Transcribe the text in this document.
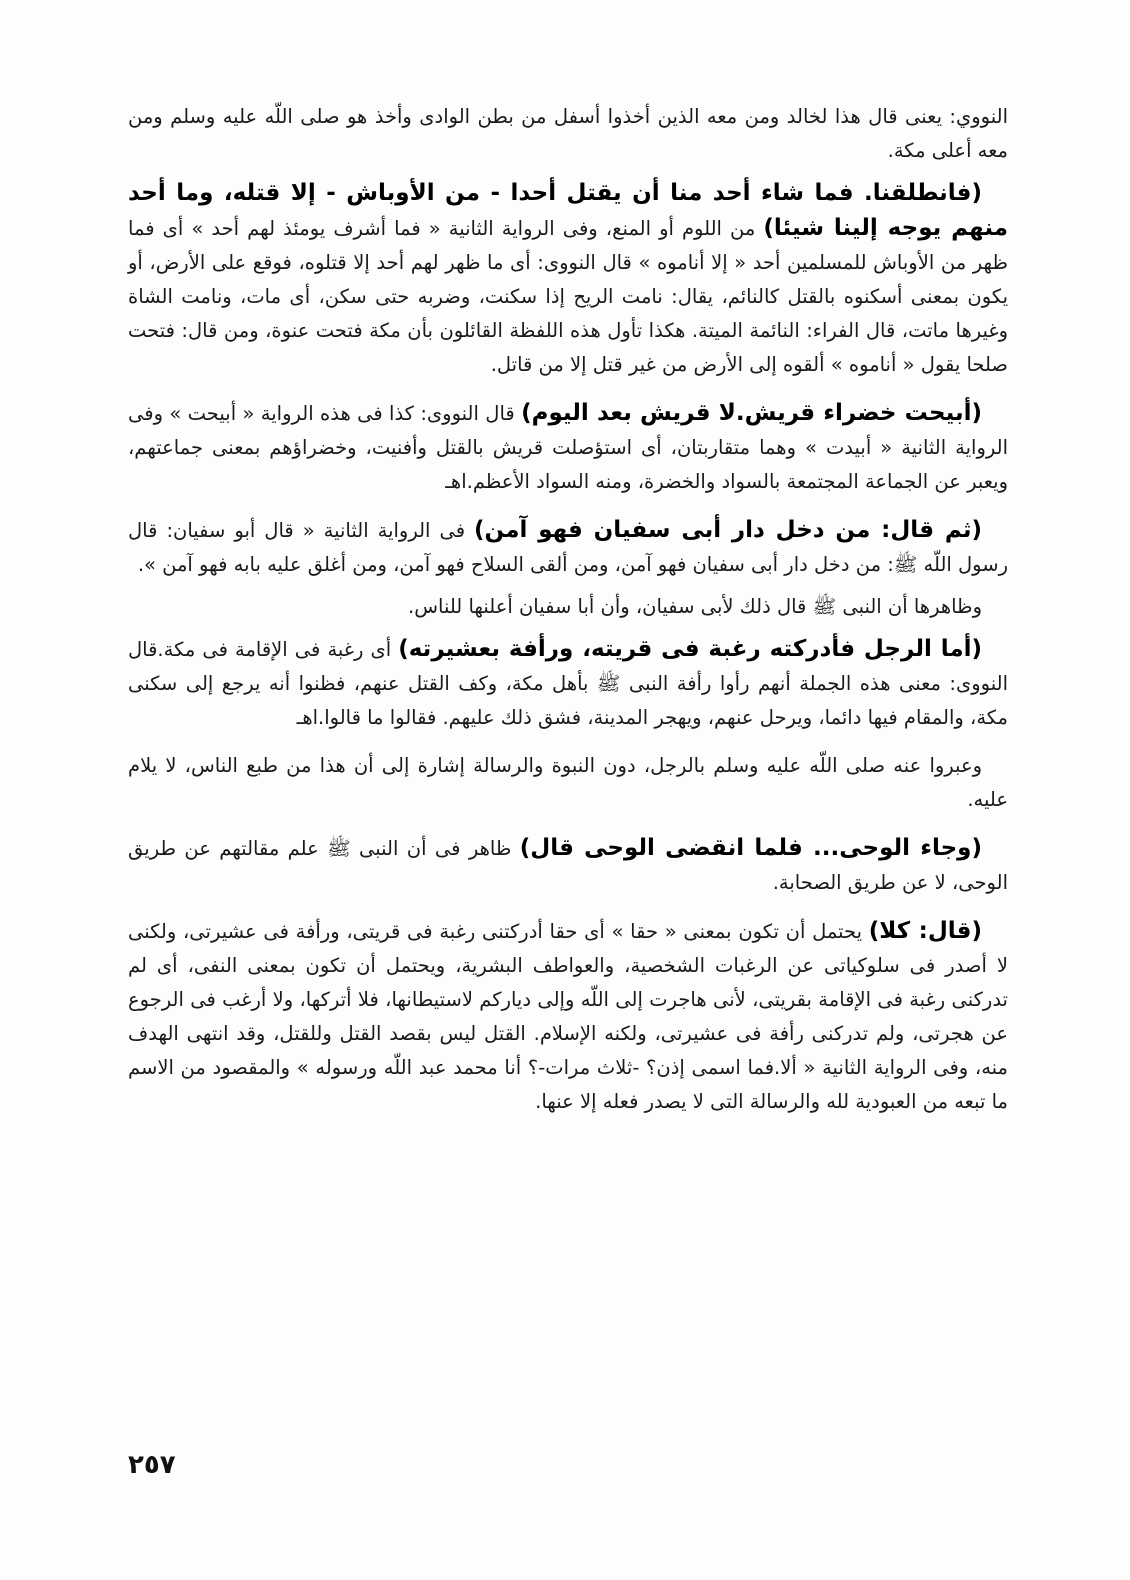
النووي: يعنى قال هذا لخالد ومن معه الذين أخذوا أسفل من بطن الوادى وأخذ هو صلى اللّه عليه وسلم ومن معه أعلى مكة.

(فانطلقنا. فما شاء أحد منا أن يقتل أحدا - من الأوباش - إلا قتله، وما أحد منهم يوجه إلينا شيئا) من اللوم أو المنع، وفى الرواية الثانية « فما أشرف يومئذ لهم أحد » أى فما ظهر من الأوباش للمسلمين أحد « إلا أناموه » قال النووى: أى ما ظهر لهم أحد إلا قتلوه، فوقع على الأرض، أو يكون بمعنى أسكنوه بالقتل كالنائم، يقال: نامت الريح إذا سكنت، وضربه حتى سكن، أى مات، ونامت الشاة وغيرها ماتت، قال الفراء: النائمة الميتة. هكذا تأول هذه اللفظة القائلون بأن مكة فتحت عنوة، ومن قال: فتحت صلحا يقول « أناموه » ألقوه إلى الأرض من غير قتل إلا من قاتل.

(أبيحت خضراء قريش.لا قريش بعد اليوم) قال النووى: كذا فى هذه الرواية « أبيحت » وفى الرواية الثانية « أبيدت » وهما متقاربتان، أى استؤصلت قريش بالقتل وأفنيت، وخضراؤهم بمعنى جماعتهم، ويعبر عن الجماعة المجتمعة بالسواد والخضرة، ومنه السواد الأعظم.اهـ

(ثم قال: من دخل دار أبى سفيان فهو آمن) فى الرواية الثانية « قال أبو سفيان: قال رسول اللّه ﷺ: من دخل دار أبى سفيان فهو آمن، ومن ألقى السلاح فهو آمن، ومن أغلق عليه بابه فهو آمن ».

وظاهرها أن النبى ﷺ قال ذلك لأبى سفيان، وأن أبا سفيان أعلنها للناس.

(أما الرجل فأدركته رغبة فى قريته، ورأفة بعشيرته) أى رغبة فى الإقامة فى مكة.قال النووى: معنى هذه الجملة أنهم رأوا رأفة النبى ﷺ بأهل مكة، وكف القتل عنهم، فظنوا أنه يرجع إلى سكنى مكة، والمقام فيها دائما، ويرحل عنهم، ويهجر المدينة، فشق ذلك عليهم. فقالوا ما قالوا.اهـ

وعبروا عنه صلى اللّه عليه وسلم بالرجل، دون النبوة والرسالة إشارة إلى أن هذا من طبع الناس، لا يلام عليه.

(وجاء الوحى... فلما انقضى الوحى قال) ظاهر فى أن النبى ﷺ علم مقالتهم عن طريق الوحى، لا عن طريق الصحابة.

(قال: كلا) يحتمل أن تكون بمعنى « حقا » أى حقا أدركتنى رغبة فى قريتى، ورأفة فى عشيرتى، ولكنى لا أصدر فى سلوكياتى عن الرغبات الشخصية، والعواطف البشرية، ويحتمل أن تكون بمعنى النفى، أى لم تدركنى رغبة فى الإقامة بقريتى، لأنى هاجرت إلى اللّه وإلى دياركم لاستيطانها، فلا أتركها، ولا أرغب فى الرجوع عن هجرتى، ولم تدركنى رأفة فى عشيرتى، ولكنه الإسلام. القتل ليس بقصد القتل وللقتل، وقد انتهى الهدف منه، وفى الرواية الثانية « ألا.فما اسمى إذن؟ -ثلاث مرات-؟ أنا محمد عبد اللّه ورسوله » والمقصود من الاسم ما تبعه من العبودية لله والرسالة التى لا يصدر فعله إلا عنها.

٢٥٧
